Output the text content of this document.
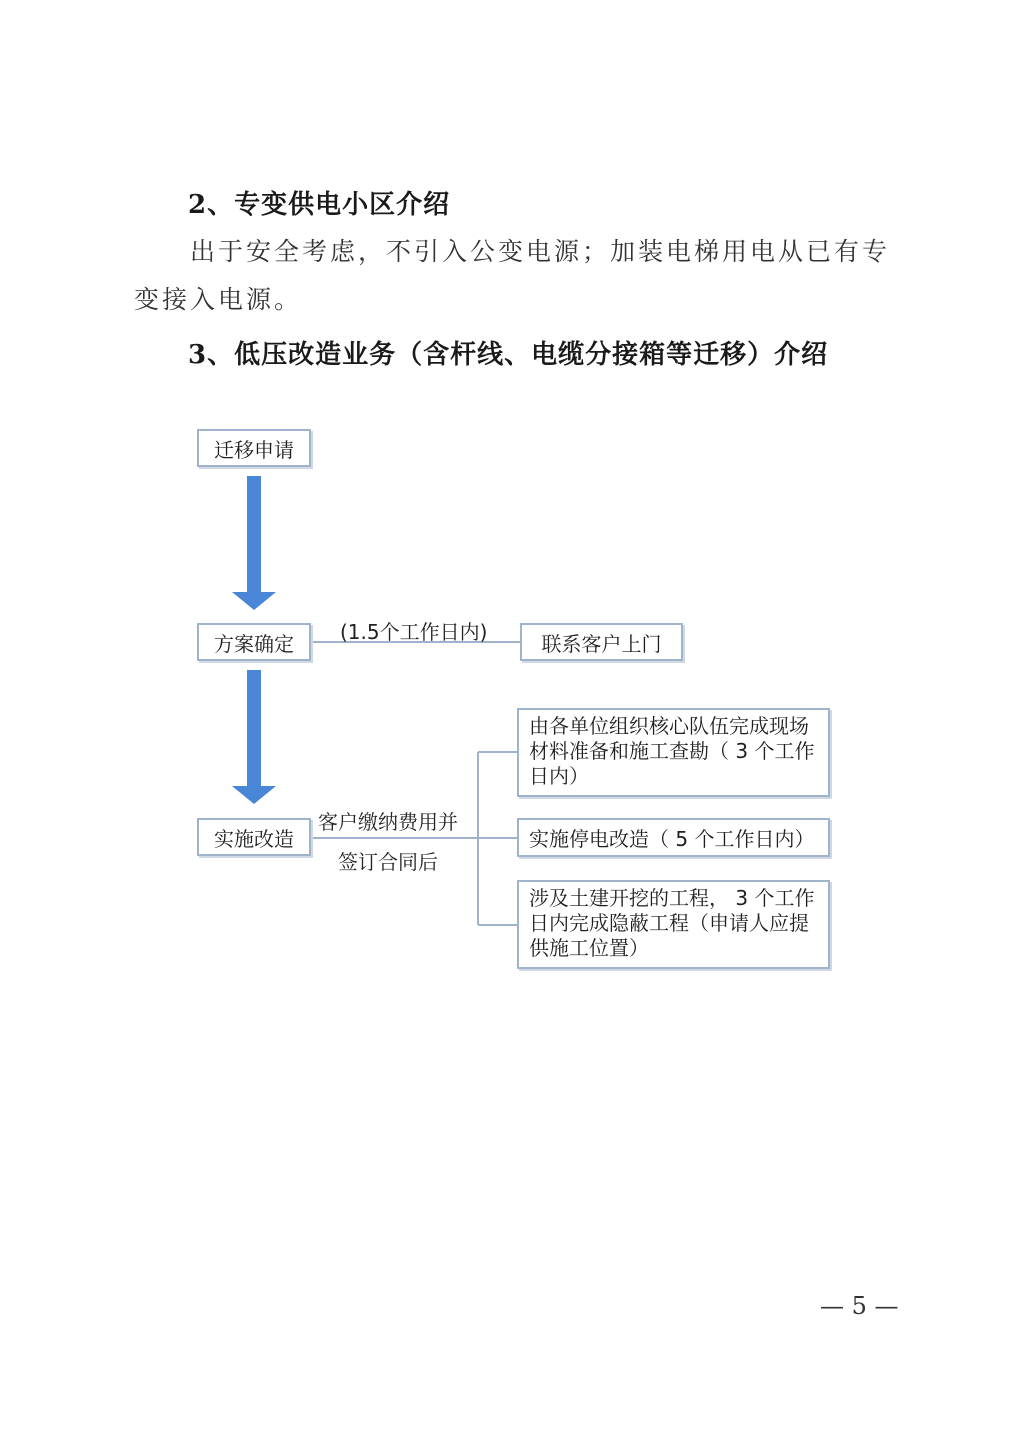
2、专变供电小区介绍
出于安全考虑，不引入公变电源；加装电梯用电从已有专变接入电源。
3、低压改造业务（含杆线、电缆分接箱等迁移）介绍
迁移申请
方案确定	联系客户上门
实施改造
(1.5个工作日内)
客户缴纳费用并
签订合同后
由各单位组织核心队伍完成现场材料准备和施工查勘（ 3 个工作日内）
实施停电改造（ 5 个工作日内）
涉及土建开挖的工程， 3 个工作日内完成隐蔽工程（申请人应提供施工位置）
— 5 —
